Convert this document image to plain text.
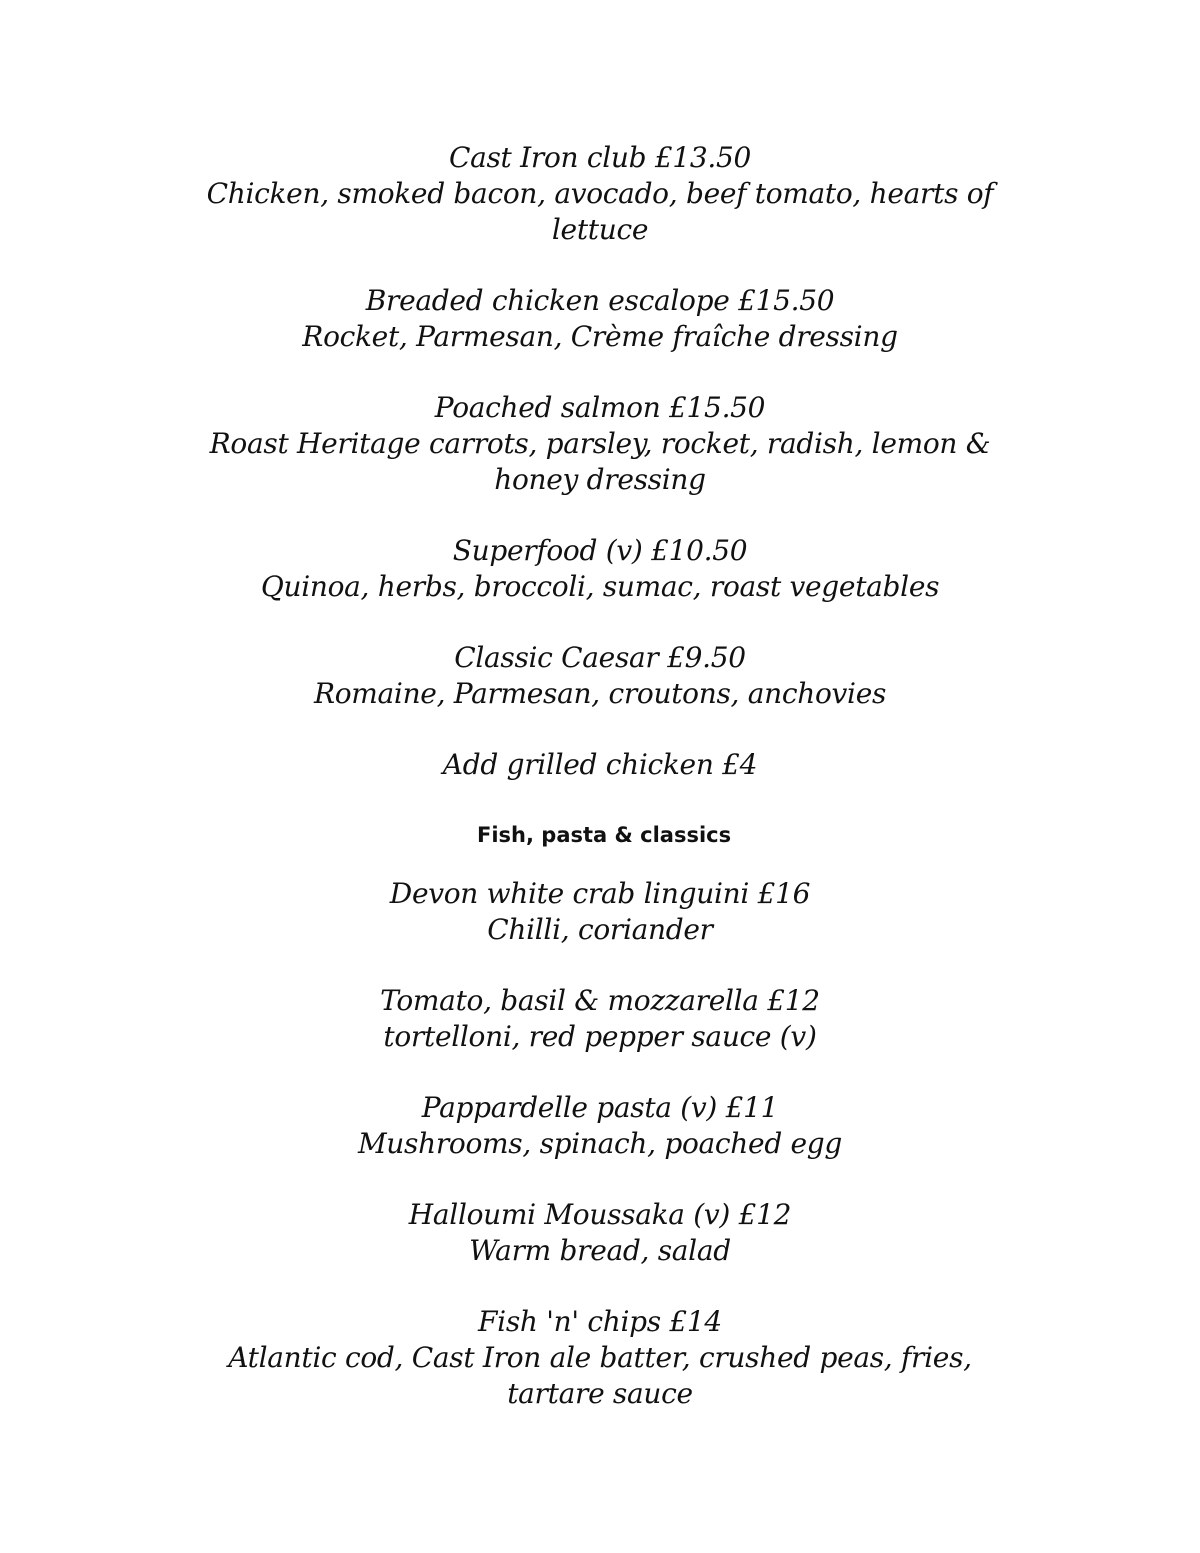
Cast Iron club £13.50

Chicken, smoked bacon, avocado, beef tomato, hearts of

lettuce

Breaded chicken escalope £15.50

Rocket, Parmesan, Crème fraîche dressing

Poached salmon £15.50

Roast Heritage carrots, parsley, rocket, radish, lemon &

honey dressing

Superfood (v) £10.50

Quinoa, herbs, broccoli, sumac, roast vegetables

Classic Caesar £9.50

Romaine, Parmesan, croutons, anchovies

Add grilled chicken £4

Fish, pasta & classics

Devon white crab linguini £16

Chilli, coriander

Tomato, basil & mozzarella £12

tortelloni, red pepper sauce (v)

Pappardelle pasta (v) £11

Mushrooms, spinach, poached egg

Halloumi Moussaka (v) £12

Warm bread, salad

Fish 'n' chips £14

Atlantic cod, Cast Iron ale batter, crushed peas, fries,

tartare sauce
